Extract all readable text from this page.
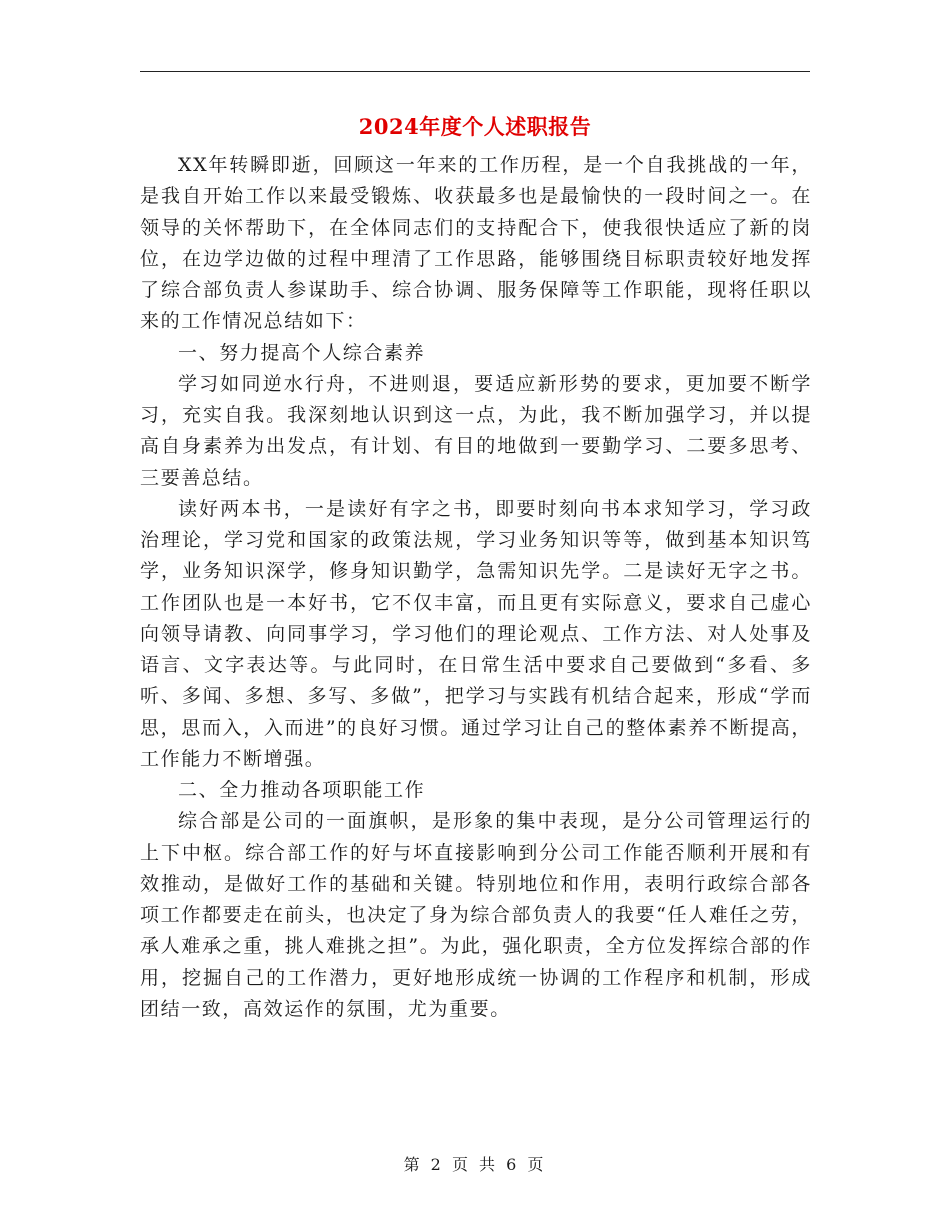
2024年度个人述职报告

XX年转瞬即逝，回顾这一年来的工作历程，是一个自我挑战的一年，是我自开始工作以来最受锻炼、收获最多也是最愉快的一段时间之一。在领导的关怀帮助下，在全体同志们的支持配合下，使我很快适应了新的岗位，在边学边做的过程中理清了工作思路，能够围绕目标职责较好地发挥了综合部负责人参谋助手、综合协调、服务保障等工作职能，现将任职以来的工作情况总结如下：

一、努力提高个人综合素养

学习如同逆水行舟，不进则退，要适应新形势的要求，更加要不断学习，充实自我。我深刻地认识到这一点，为此，我不断加强学习，并以提高自身素养为出发点，有计划、有目的地做到一要勤学习、二要多思考、三要善总结。

读好两本书，一是读好有字之书，即要时刻向书本求知学习，学习政治理论，学习党和国家的政策法规，学习业务知识等等，做到基本知识笃学，业务知识深学，修身知识勤学，急需知识先学。二是读好无字之书。工作团队也是一本好书，它不仅丰富，而且更有实际意义，要求自己虚心向领导请教、向同事学习，学习他们的理论观点、工作方法、对人处事及语言、文字表达等。与此同时，在日常生活中要求自己要做到“多看、多听、多闻、多想、多写、多做”，把学习与实践有机结合起来，形成“学而思，思而入，入而进”的良好习惯。通过学习让自己的整体素养不断提高，工作能力不断增强。

二、全力推动各项职能工作

综合部是公司的一面旗帜，是形象的集中表现，是分公司管理运行的上下中枢。综合部工作的好与坏直接影响到分公司工作能否顺利开展和有效推动，是做好工作的基础和关键。特别地位和作用，表明行政综合部各项工作都要走在前头，也决定了身为综合部负责人的我要“任人难任之劳，承人难承之重，挑人难挑之担”。为此，强化职责，全方位发挥综合部的作用，挖掘自己的工作潜力，更好地形成统一协调的工作程序和机制，形成团结一致，高效运作的氛围，尤为重要。

第 2 页 共 6 页
